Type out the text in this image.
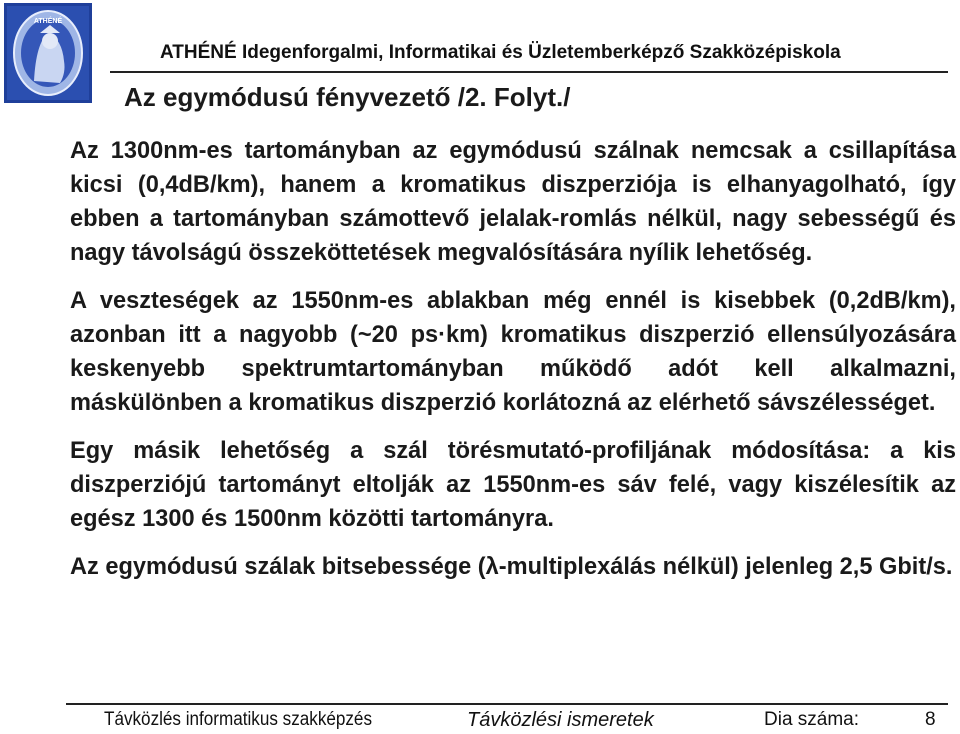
ATHÉNÉ
ATHÉNÉ Idegenforgalmi, Informatikai és Üzletemberképző Szakközépiskola
Az egymódusú fényvezető /2. Folyt./

Az 1300nm-es tartományban az egymódusú szálnak nemcsak a csillapítása kicsi (0,4dB/km), hanem a kromatikus diszperziója is elhanyagolható, így ebben a tartományban számottevő jelalak-romlás nélkül, nagy sebességű és nagy távolságú összeköttetések megvalósítására nyílik lehetőség.

A veszteségek az 1550nm-es ablakban még ennél is kisebbek (0,2dB/km), azonban itt a nagyobb (~20 ps·km) kromatikus diszperzió ellensúlyozására keskenyebb spektrumtartományban működő adót kell alkalmazni, máskülönben a kromatikus diszperzió korlátozná az elérhető sávszélességet.

Egy másik lehetőség a szál törésmutató-profiljának módosítása: a kis diszperziójú tartományt eltolják az 1550nm-es sáv felé, vagy kiszélesítik az egész 1300 és 1500nm közötti tartományra.

Az egymódusú szálak bitsebessége (λ-multiplexálás nélkül) jelenleg 2,5 Gbit/s.

Távközlés informatikus szakképzés	Távközlési ismeretek	Dia száma:	8
